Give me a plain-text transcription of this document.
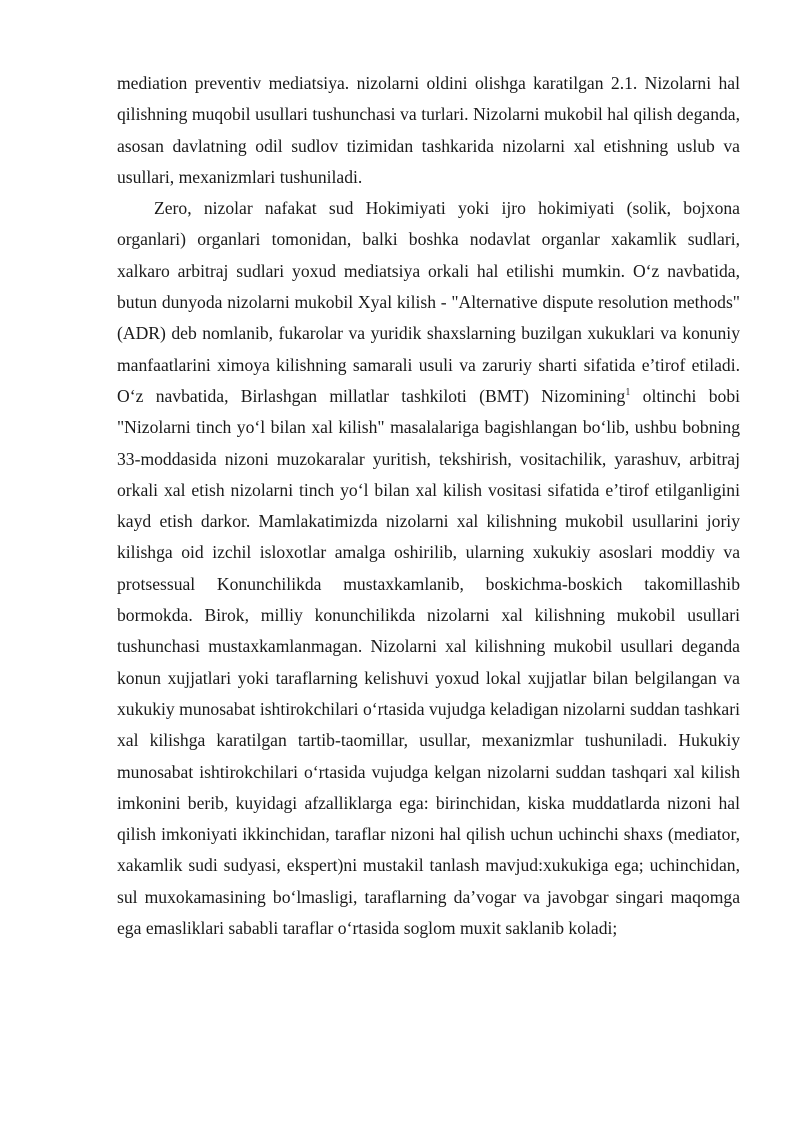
mediation preventiv mediatsiya. nizolarni oldini olishga karatilgan 2.1. Nizolarni hal qilishning muqobil usullari tushunchasi va turlari. Nizolarni mukobil hal qilish deganda, asosan davlatning odil sudlov tizimidan tashkarida nizolarni xal etishning uslub va usullari, mexanizmlari tushuniladi.

Zero, nizolar nafakat sud Hokimiyati yoki ijro hokimiyati (solik, bojxona organlari) organlari tomonidan, balki boshka nodavlat organlar xakamlik sudlari, xalkaro arbitraj sudlari yoxud mediatsiya orkali hal etilishi mumkin. O‘z navbatida, butun dunyoda nizolarni mukobil Xyal kilish - "Alternative dispute resolution methods"(ADR) deb nomlanib, fukarolar va yuridik shaxslarning buzilgan xukuklari va konuniy manfaatlarini ximoya kilishning samarali usuli va zaruriy sharti sifatida e’tirof etiladi. O‘z navbatida, Birlashgan millatlar tashkiloti (BMT) Nizomining$^1$ oltinchi bobi "Nizolarni tinch yo‘l bilan xal kilish" masalalariga bagishlangan bo‘lib, ushbu bobning 33-moddasida nizoni muzokaralar yuritish, tekshirish, vositachilik, yarashuv, arbitraj orkali xal etish nizolarni tinch yo‘l bilan xal kilish vositasi sifatida e’tirof etilganligini kayd etish darkor. Mamlakatimizda nizolarni xal kilishning mukobil usullarini joriy kilishga oid izchil isloxotlar amalga oshirilib, ularning xukukiy asoslari moddiy va protsessual Konunchilikda mustaxkamlanib, boskichma-boskich takomillashib bormokda. Birok, milliy konunchilikda nizolarni xal kilishning mukobil usullari tushunchasi mustaxkamlanmagan. Nizolarni xal kilishning mukobil usullari deganda konun xujjatlari yoki taraflarning kelishuvi yoxud lokal xujjatlar bilan belgilangan va xukukiy munosabat ishtirokchilari o‘rtasida vujudga keladigan nizolarni suddan tashkari xal kilishga karatilgan tartib-taomillar, usullar, mexanizmlar tushuniladi. Hukukiy munosabat ishtirokchilari o‘rtasida vujudga kelgan nizolarni suddan tashqari xal kilish imkonini berib, kuyidagi afzalliklarga ega: birinchidan, kiska muddatlarda nizoni hal qilish imkoniyati ikkinchidan, taraflar nizoni hal qilish uchun uchinchi shaxs (mediator, xakamlik sudi sudyasi, ekspert)ni mustakil tanlash mavjud:xukukiga ega; uchinchidan, sul muxokamasining bo‘lmasligi, taraflarning da’vogar va javobgar singari maqomga ega emasliklari sababli taraflar o‘rtasida soglom muxit saklanib koladi;
